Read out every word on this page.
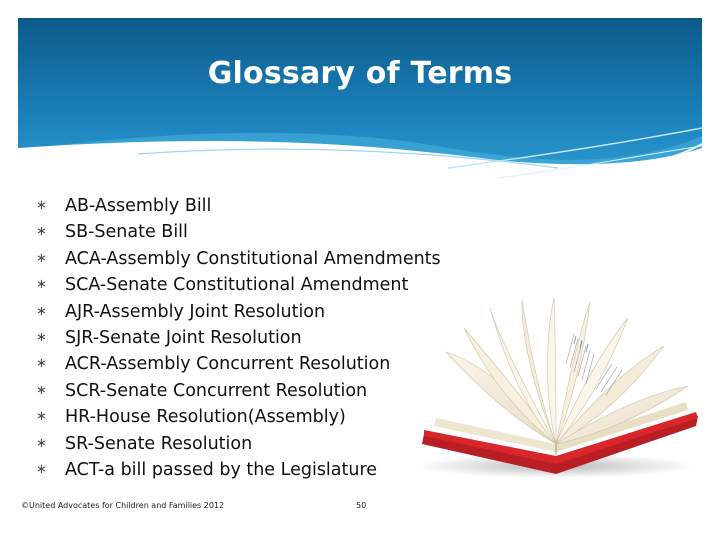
Glossary of Terms
∗ AB-Assembly Bill
∗ SB-Senate Bill
∗ ACA-Assembly Constitutional Amendments
∗ SCA-Senate Constitutional Amendment
∗ AJR-Assembly Joint Resolution
∗ SJR-Senate Joint Resolution
∗ ACR-Assembly Concurrent Resolution
∗ SCR-Senate Concurrent Resolution
∗ HR-House Resolution(Assembly)
∗ SR-Senate Resolution
∗ ACT-a bill passed by the Legislature
©United Advocates for Children and Families 2012	50
